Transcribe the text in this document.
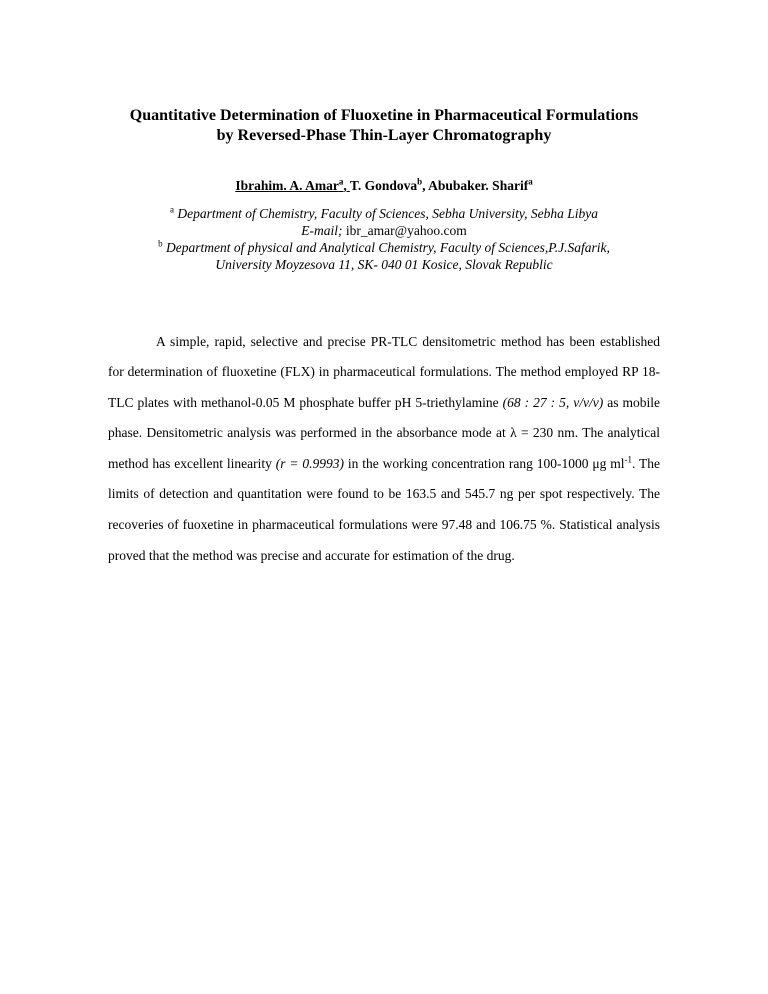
Quantitative Determination of Fluoxetine in Pharmaceutical Formulations
by Reversed-Phase Thin-Layer Chromatography
Ibrahim. A. Amar$^a$, T. Gondova$^b$, Abubaker. Sharif$^a$
$^a$ Department of Chemistry, Faculty of Sciences, Sebha University, Sebha Libya
E-mail; ibr_amar@yahoo.com
$^b$ Department of physical and Analytical Chemistry, Faculty of Sciences,P.J.Safarik,
University Moyzesova 11, SK- 040 01 Kosice, Slovak Republic

A simple, rapid, selective and precise PR-TLC densitometric method has been established for determination of fluoxetine (FLX) in pharmaceutical formulations. The method employed RP 18-TLC plates with methanol-0.05 M phosphate buffer pH 5-triethylamine (68 : 27 : 5, v/v/v) as mobile phase. Densitometric analysis was performed in the absorbance mode at λ = 230 nm. The analytical method has excellent linearity (r = 0.9993) in the working concentration rang 100-1000 μg $ml^{-1}$. The limits of detection and quantitation were found to be 163.5 and 545.7 ng per spot respectively. The recoveries of fuoxetine in pharmaceutical formulations were 97.48 and 106.75 %. Statistical analysis proved that the method was precise and accurate for estimation of the drug.
